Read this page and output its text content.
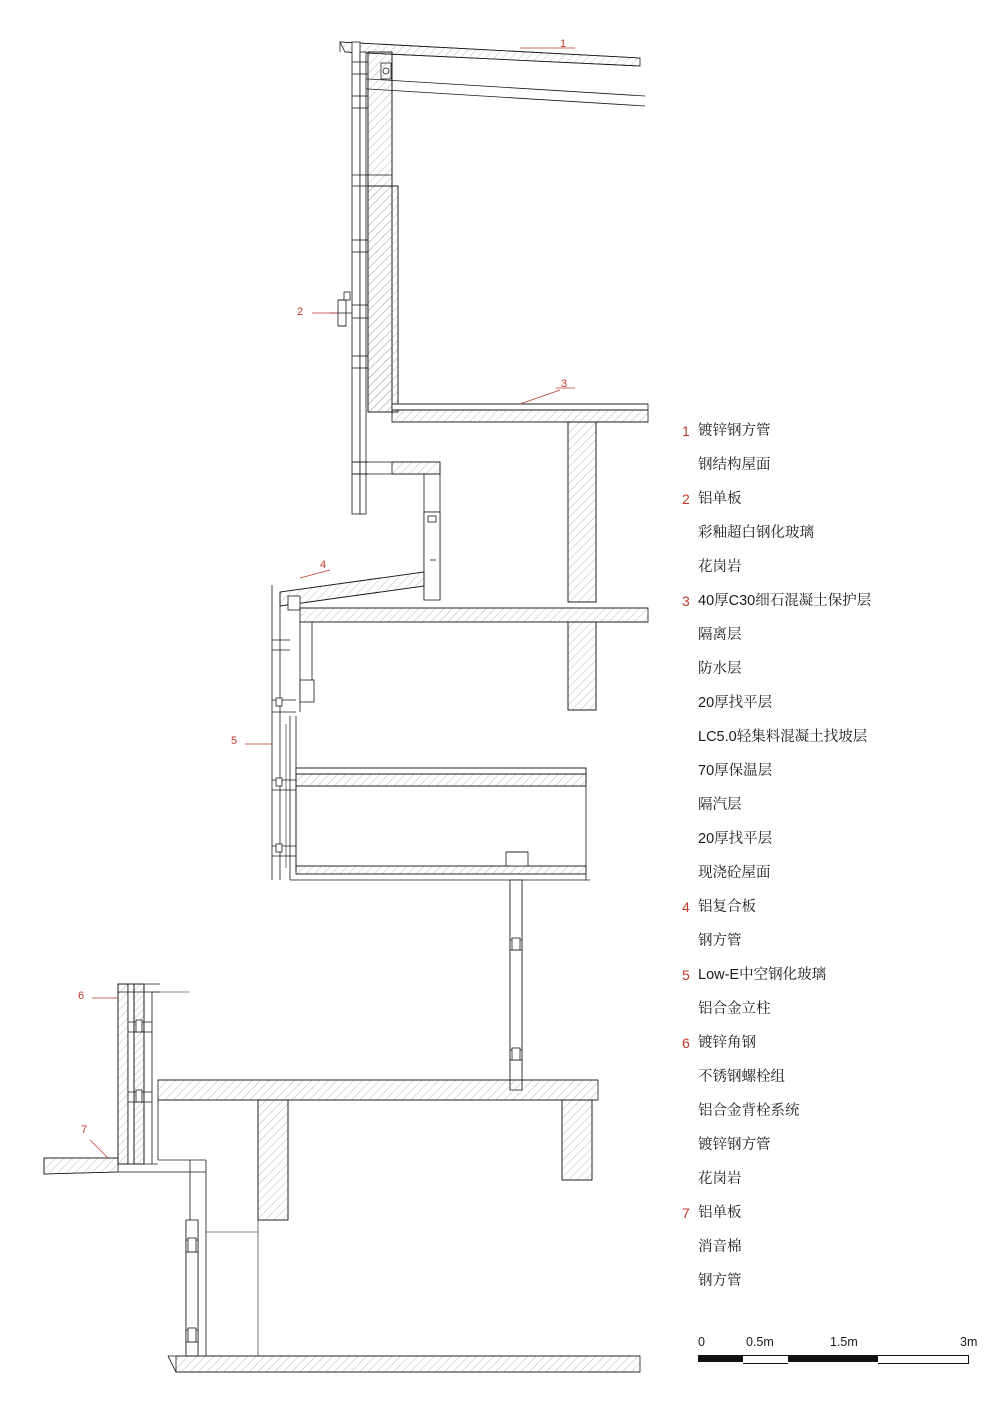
1
2
3
4
5
6
7
1 镀锌钢方管
钢结构屋面
2 铝单板
彩釉超白钢化玻璃
花岗岩
3 40厚C30细石混凝土保护层
隔离层
防水层
20厚找平层
LC5.0轻集料混凝土找坡层
70厚保温层
隔汽层
20厚找平层
现浇砼屋面
4 铝复合板
钢方管
5 Low-E中空钢化玻璃
铝合金立柱
6 镀锌角钢
不锈钢螺栓组
铝合金背栓系统
镀锌钢方管
花岗岩
7 铝单板
消音棉
钢方管
0	0.5m	1.5m	3m
